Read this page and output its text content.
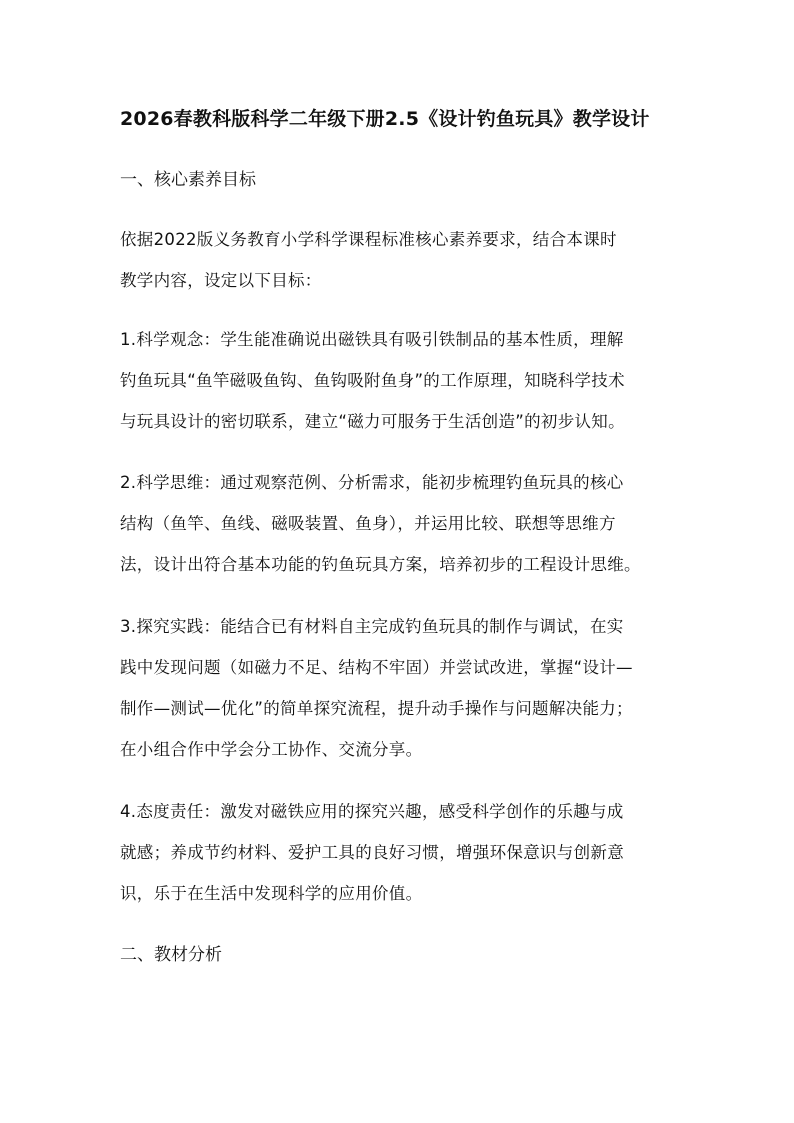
2026春教科版科学二年级下册2.5《设计钓鱼玩具》教学设计
一、核心素养目标
依据2022版义务教育小学科学课程标准核心素养要求，结合本课时
教学内容，设定以下目标：
1.科学观念：学生能准确说出磁铁具有吸引铁制品的基本性质，理解
钓鱼玩具“鱼竿磁吸鱼钩、鱼钩吸附鱼身”的工作原理，知晓科学技术
与玩具设计的密切联系，建立“磁力可服务于生活创造”的初步认知。
2.科学思维：通过观察范例、分析需求，能初步梳理钓鱼玩具的核心
结构（鱼竿、鱼线、磁吸装置、鱼身），并运用比较、联想等思维方
法，设计出符合基本功能的钓鱼玩具方案，培养初步的工程设计思维。
3.探究实践：能结合已有材料自主完成钓鱼玩具的制作与调试，在实
践中发现问题（如磁力不足、结构不牢固）并尝试改进，掌握“设计—
制作—测试—优化”的简单探究流程，提升动手操作与问题解决能力；
在小组合作中学会分工协作、交流分享。
4.态度责任：激发对磁铁应用的探究兴趣，感受科学创作的乐趣与成
就感；养成节约材料、爱护工具的良好习惯，增强环保意识与创新意
识，乐于在生活中发现科学的应用价值。
二、教材分析
